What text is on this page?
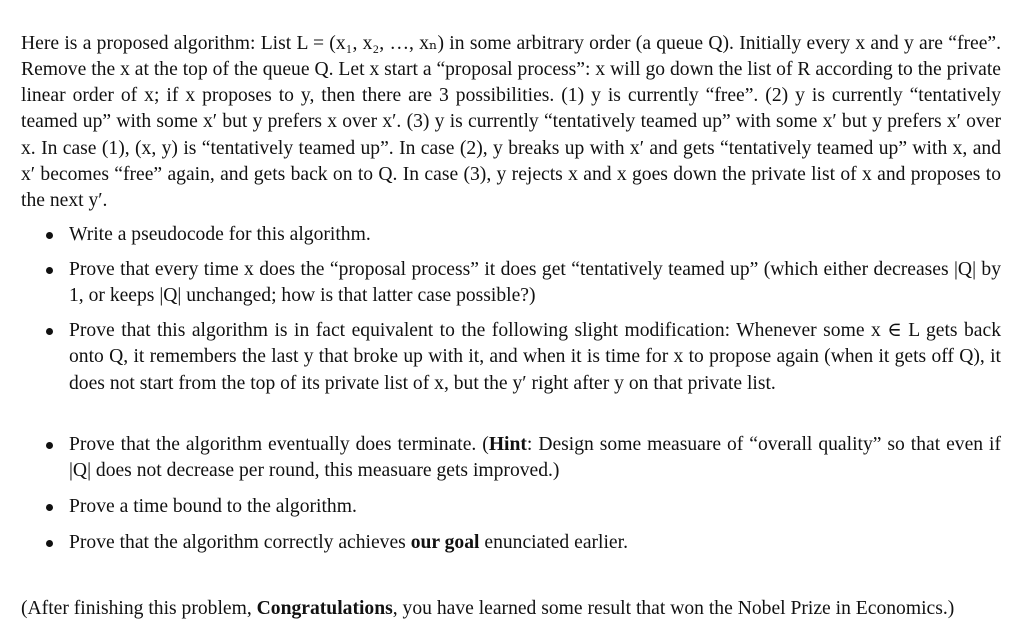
Here is a proposed algorithm: List L = (x₁, x₂, …, xₙ) in some arbitrary order (a queue Q). Initially every x and y are “free”. Remove the x at the top of the queue Q. Let x start a “proposal process”: x will go down the list of R according to the private linear order of x; if x proposes to y, then there are 3 possibilities. (1) y is currently “free”. (2) y is currently “tentatively teamed up” with some x′ but y prefers x over x′. (3) y is currently “tentatively teamed up” with some x′ but y prefers x′ over x. In case (1), (x, y) is “tentatively teamed up”. In case (2), y breaks up with x′ and gets “tentatively teamed up” with x, and x′ becomes “free” again, and gets back on to Q. In case (3), y rejects x and x goes down the private list of x and proposes to the next y′.

Write a pseudocode for this algorithm.
Prove that every time x does the “proposal process” it does get “tentatively teamed up” (which either decreases |Q| by 1, or keeps |Q| unchanged; how is that latter case possible?)
Prove that this algorithm is in fact equivalent to the following slight modification: Whenever some x ∈ L gets back onto Q, it remembers the last y that broke up with it, and when it is time for x to propose again (when it gets off Q), it does not start from the top of its private list of x, but the y′ right after y on that private list.
Prove that the algorithm eventually does terminate. (Hint: Design some measuare of “overall quality” so that even if |Q| does not decrease per round, this measuare gets improved.)
Prove a time bound to the algorithm.
Prove that the algorithm correctly achieves our goal enunciated earlier.

(After finishing this problem, Congratulations, you have learned some result that won the Nobel Prize in Economics.)
